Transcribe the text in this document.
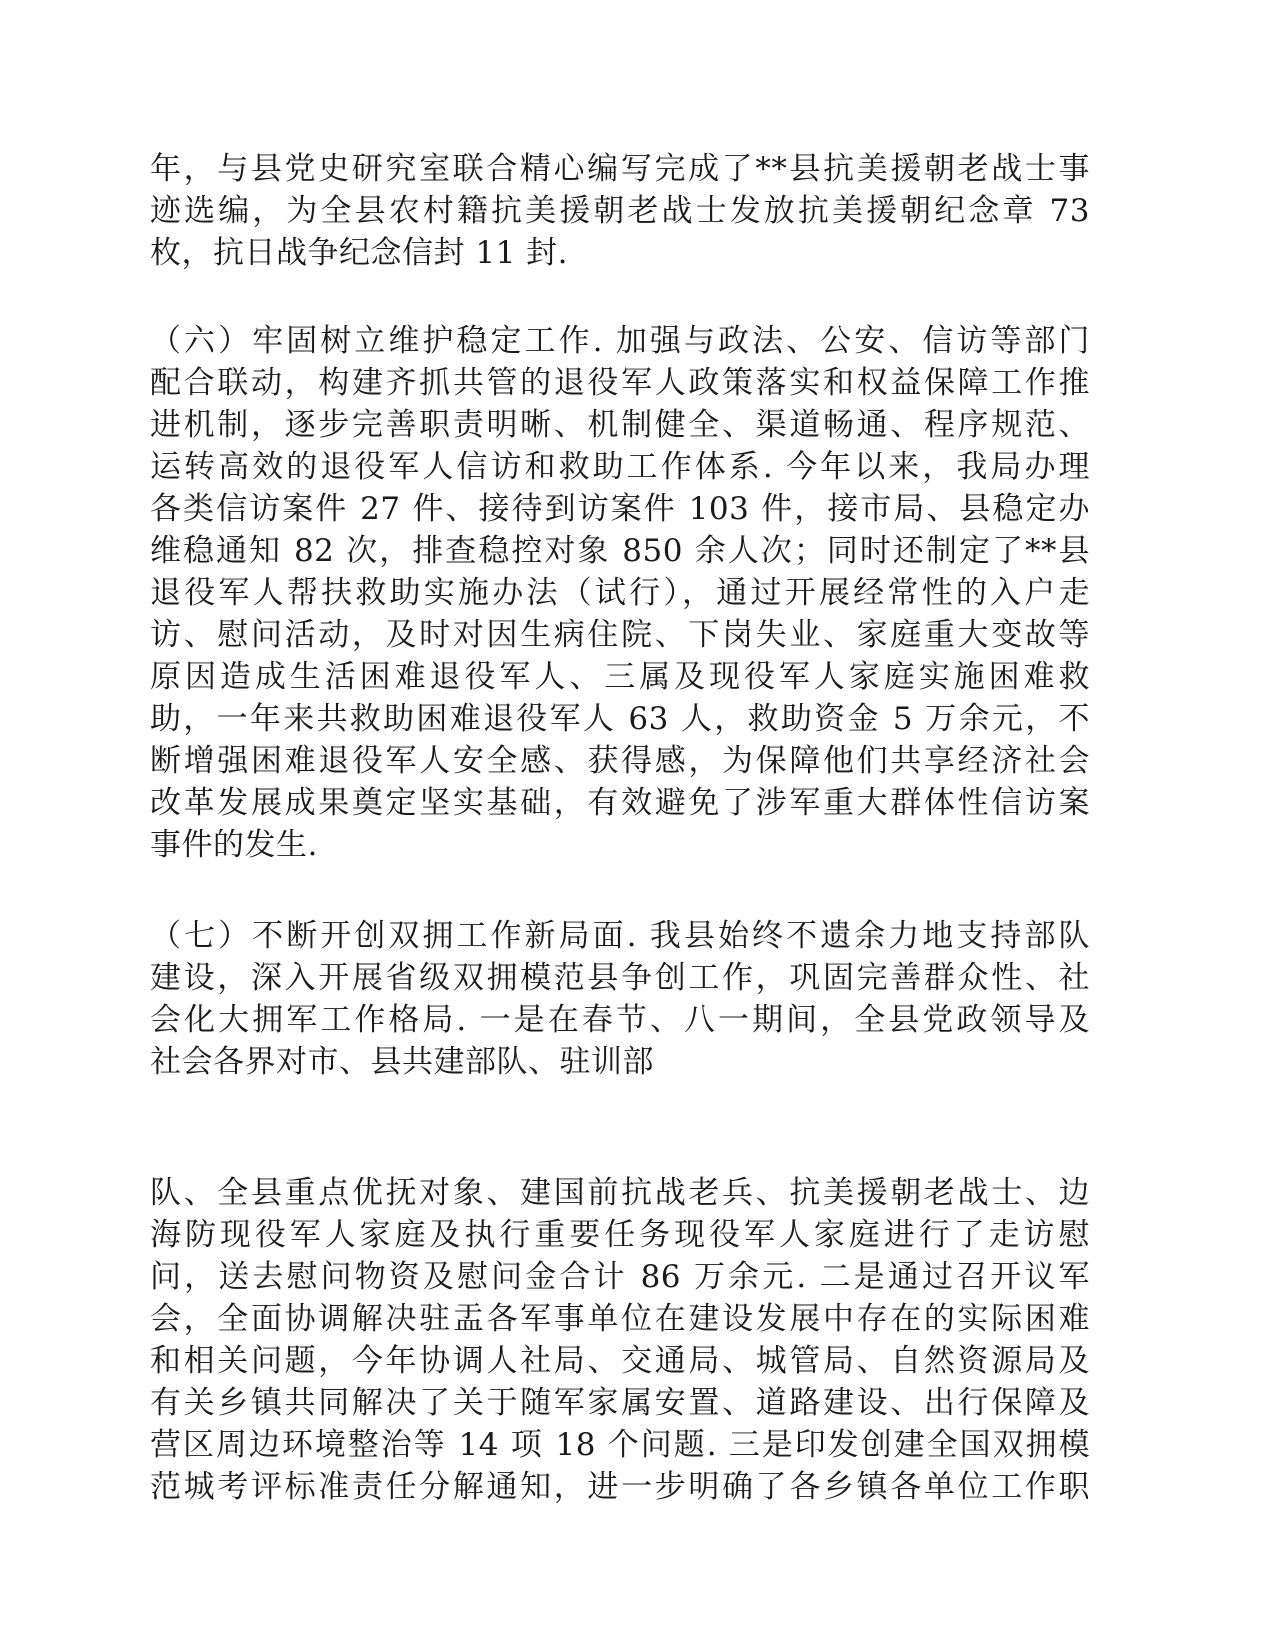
年，与县党史研究室联合精心编写完成了**县抗美援朝老战士事
迹选编，为全县农村籍抗美援朝老战士发放抗美援朝纪念章 73
枚，抗日战争纪念信封 11 封.
（六）牢固树立维护稳定工作. 加强与政法、公安、信访等部门
配合联动，构建齐抓共管的退役军人政策落实和权益保障工作推
进机制，逐步完善职责明晰、机制健全、渠道畅通、程序规范、
运转高效的退役军人信访和救助工作体系. 今年以来，我局办理
各类信访案件 27 件、接待到访案件 103 件，接市局、县稳定办
维稳通知 82 次，排查稳控对象 850 余人次；同时还制定了**县
退役军人帮扶救助实施办法（试行），通过开展经常性的入户走
访、慰问活动，及时对因生病住院、下岗失业、家庭重大变故等
原因造成生活困难退役军人、三属及现役军人家庭实施困难救
助，一年来共救助困难退役军人 63 人，救助资金 5 万余元，不
断增强困难退役军人安全感、获得感，为保障他们共享经济社会
改革发展成果奠定坚实基础，有效避免了涉军重大群体性信访案
事件的发生.
（七）不断开创双拥工作新局面. 我县始终不遗余力地支持部队
建设，深入开展省级双拥模范县争创工作，巩固完善群众性、社
会化大拥军工作格局. 一是在春节、八一期间，全县党政领导及
社会各界对市、县共建部队、驻训部
队、全县重点优抚对象、建国前抗战老兵、抗美援朝老战士、边
海防现役军人家庭及执行重要任务现役军人家庭进行了走访慰
问，送去慰问物资及慰问金合计 86 万余元. 二是通过召开议军
会，全面协调解决驻盂各军事单位在建设发展中存在的实际困难
和相关问题，今年协调人社局、交通局、城管局、自然资源局及
有关乡镇共同解决了关于随军家属安置、道路建设、出行保障及
营区周边环境整治等 14 项 18 个问题. 三是印发创建全国双拥模
范城考评标准责任分解通知，进一步明确了各乡镇各单位工作职
